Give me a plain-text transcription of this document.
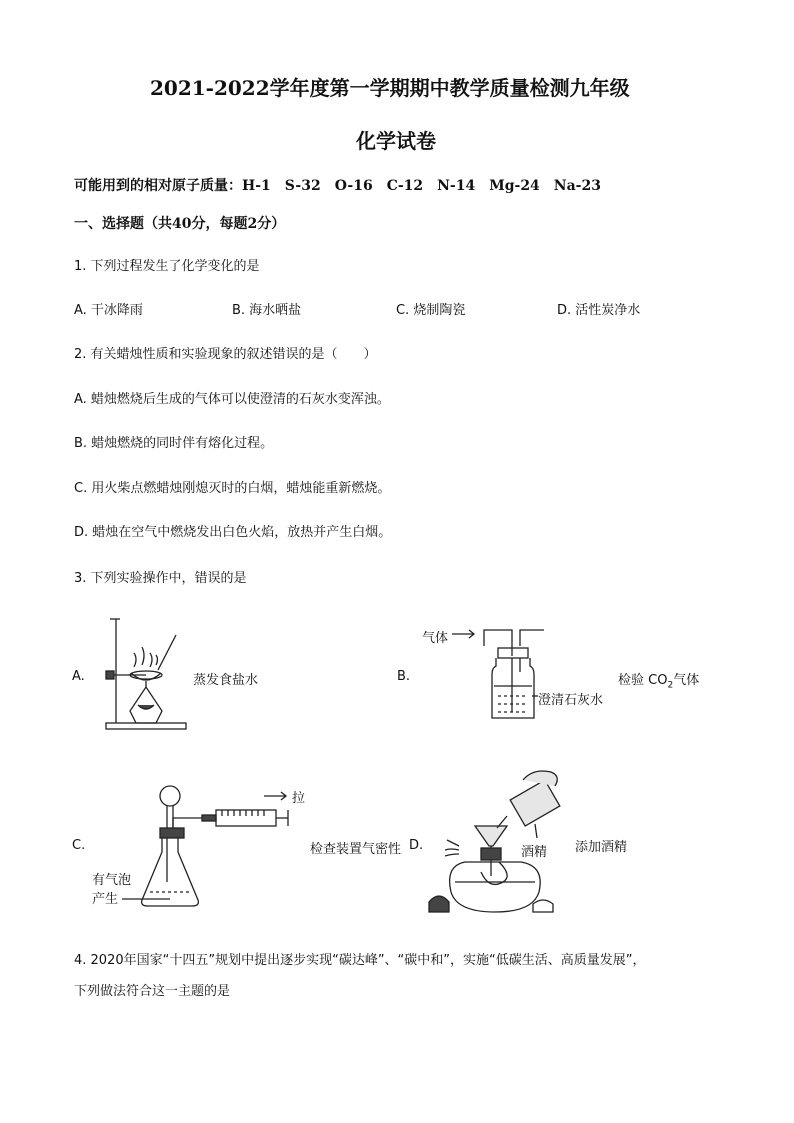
2021-2022学年度第一学期期中教学质量检测九年级
化学试卷
可能用到的相对原子质量：H-1　S-32　O-16　C-12　N-14　Mg-24　Na-23
一、选择题（共40分，每题2分）
1. 下列过程发生了化学变化的是
A. 干冰降雨	B. 海水晒盐	C. 烧制陶瓷	D. 活性炭净水
2. 有关蜡烛性质和实验现象的叙述错误的是（　　）
A. 蜡烛燃烧后生成的气体可以使澄清的石灰水变浑浊。
B. 蜡烛燃烧的同时伴有熔化过程。
C. 用火柴点燃蜡烛刚熄灭时的白烟，蜡烛能重新燃烧。
D. 蜡烛在空气中燃烧发出白色火焰，放热并产生白烟。
3. 下列实验操作中，错误的是
A.	蒸发食盐水	B.
气体
澄清石灰水
检验 $CO_2$气体
C.
拉
有气泡
产生
检查装置气密性 D.	酒精 添加酒精
4. 2020年国家“十四五”规划中提出逐步实现“碳达峰”、“碳中和”，实施“低碳生活、高质量发展”，
下列做法符合这一主题的是
